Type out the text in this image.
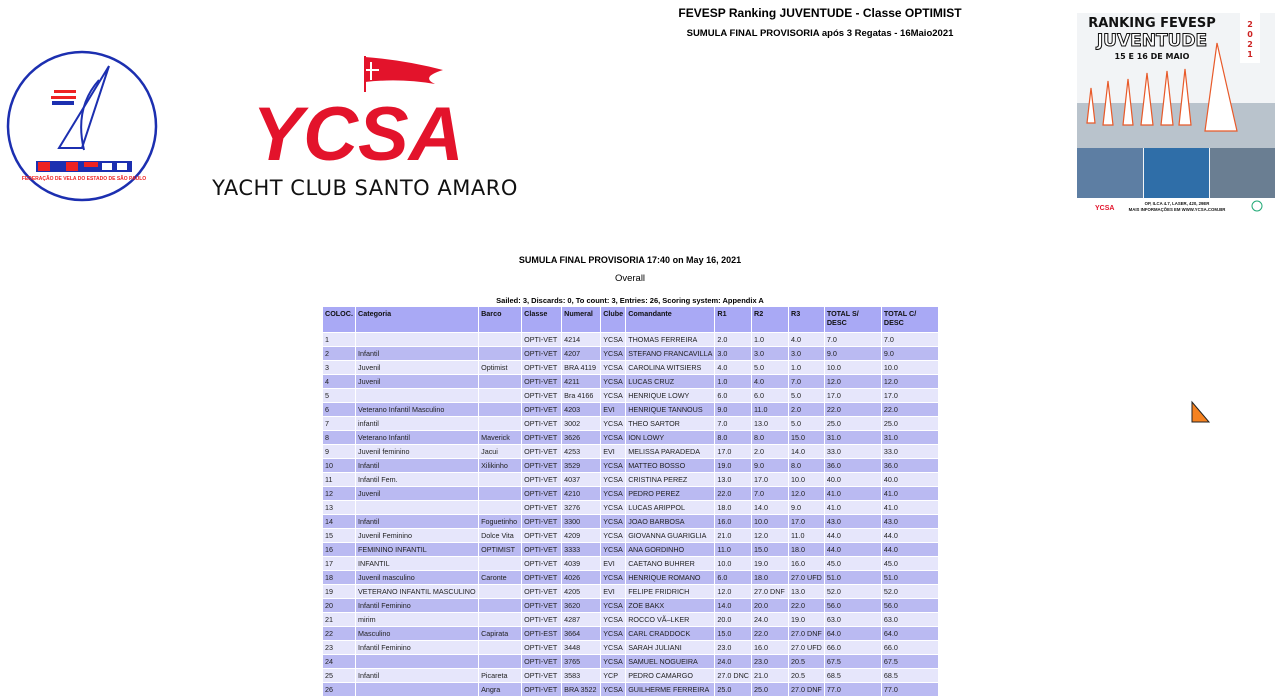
FEVESP Ranking JUVENTUDE - Classe OPTIMIST
SUMULA FINAL PROVISORIA após 3 Regatas - 16Maio2021
FEDERAÇÃO DE VELA DO ESTADO DE SÃO PAULO
YCSA
YACHT CLUB SANTO AMARO
RANKING FEVESP
JUVENTUDE
15 E 16 DE MAIO
2
0
2
1
YCSA
OP, ILCA 4.7, LASER, 420, 29ER
MAIS INFORMAÇÕES EM WWW.YCSA.COM.BR
SUMULA FINAL PROVISORIA 17:40 on May 16, 2021
Overall
Sailed: 3, Discards: 0, To count: 3, Entries: 26, Scoring system: Appendix A
COLOC.	Categoria	Barco	Classe	Numeral	Clube	Comandante	R1	R2	R3	TOTAL S/ DESC	TOTAL C/ DESC
1			OPTI-VET	4214	YCSA	THOMAS FERREIRA	2.0	1.0	4.0	7.0	7.0
2	Infantil		OPTI-VET	4207	YCSA	STEFANO FRANCAVILLA	3.0	3.0	3.0	9.0	9.0
3	Juvenil	Optimist	OPTI-VET	BRA 4119	YCSA	CAROLINA WITSIERS	4.0	5.0	1.0	10.0	10.0
4	Juvenil		OPTI-VET	4211	YCSA	LUCAS CRUZ	1.0	4.0	7.0	12.0	12.0
5			OPTI-VET	Bra 4166	YCSA	HENRIQUE LOWY	6.0	6.0	5.0	17.0	17.0
6	Veterano Infantil Masculino		OPTI-VET	4203	EVI	HENRIQUE TANNOUS	9.0	11.0	2.0	22.0	22.0
7	infantil		OPTI-VET	3002	YCSA	THEO SARTOR	7.0	13.0	5.0	25.0	25.0
8	Veterano Infantil	Maverick	OPTI-VET	3626	YCSA	ION LOWY	8.0	8.0	15.0	31.0	31.0
9	Juvenil feminino	Jacui	OPTI-VET	4253	EVI	MELISSA PARADEDA	17.0	2.0	14.0	33.0	33.0
10	Infantil	Xilikinho	OPTI-VET	3529	YCSA	MATTEO BOSSO	19.0	9.0	8.0	36.0	36.0
11	Infantil Fem.		OPTI-VET	4037	YCSA	CRISTINA PEREZ	13.0	17.0	10.0	40.0	40.0
12	Juvenil		OPTI-VET	4210	YCSA	PEDRO PEREZ	22.0	7.0	12.0	41.0	41.0
13			OPTI-VET	3276	YCSA	LUCAS ARIPPOL	18.0	14.0	9.0	41.0	41.0
14	Infantil	Foguetinho	OPTI-VET	3300	YCSA	JOAO BARBOSA	16.0	10.0	17.0	43.0	43.0
15	Juvenil Feminino	Dolce Vita	OPTI-VET	4209	YCSA	GIOVANNA GUARIGLIA	21.0	12.0	11.0	44.0	44.0
16	FEMININO INFANTIL	OPTIMIST	OPTI-VET	3333	YCSA	ANA GORDINHO	11.0	15.0	18.0	44.0	44.0
17	INFANTIL		OPTI-VET	4039	EVI	CAETANO BUHRER	10.0	19.0	16.0	45.0	45.0
18	Juvenil masculino	Caronte	OPTI-VET	4026	YCSA	HENRIQUE ROMANO	6.0	18.0	27.0 UFD	51.0	51.0
19	VETERANO INFANTIL MASCULINO		OPTI-VET	4205	EVI	FELIPE FRIDRICH	12.0	27.0 DNF	13.0	52.0	52.0
20	Infantil Feminino		OPTI-VET	3620	YCSA	ZOE BAKX	14.0	20.0	22.0	56.0	56.0
21	mirim		OPTI-VET	4287	YCSA	ROCCO VÃ–LKER	20.0	24.0	19.0	63.0	63.0
22	Masculino	Capirata	OPTI-EST	3664	YCSA	CARL CRADDOCK	15.0	22.0	27.0 DNF	64.0	64.0
23	Infantil Feminino		OPTI-VET	3448	YCSA	SARAH JULIANI	23.0	16.0	27.0 UFD	66.0	66.0
24			OPTI-VET	3765	YCSA	SAMUEL NOGUEIRA	24.0	23.0	20.5	67.5	67.5
25	Infantil	Picareta	OPTI-VET	3583	YCP	PEDRO CAMARGO	27.0 DNC	21.0	20.5	68.5	68.5
26		Angra	OPTI-VET	BRA 3522	YCSA	GUILHERME FERREIRA	25.0	25.0	27.0 DNF	77.0	77.0
